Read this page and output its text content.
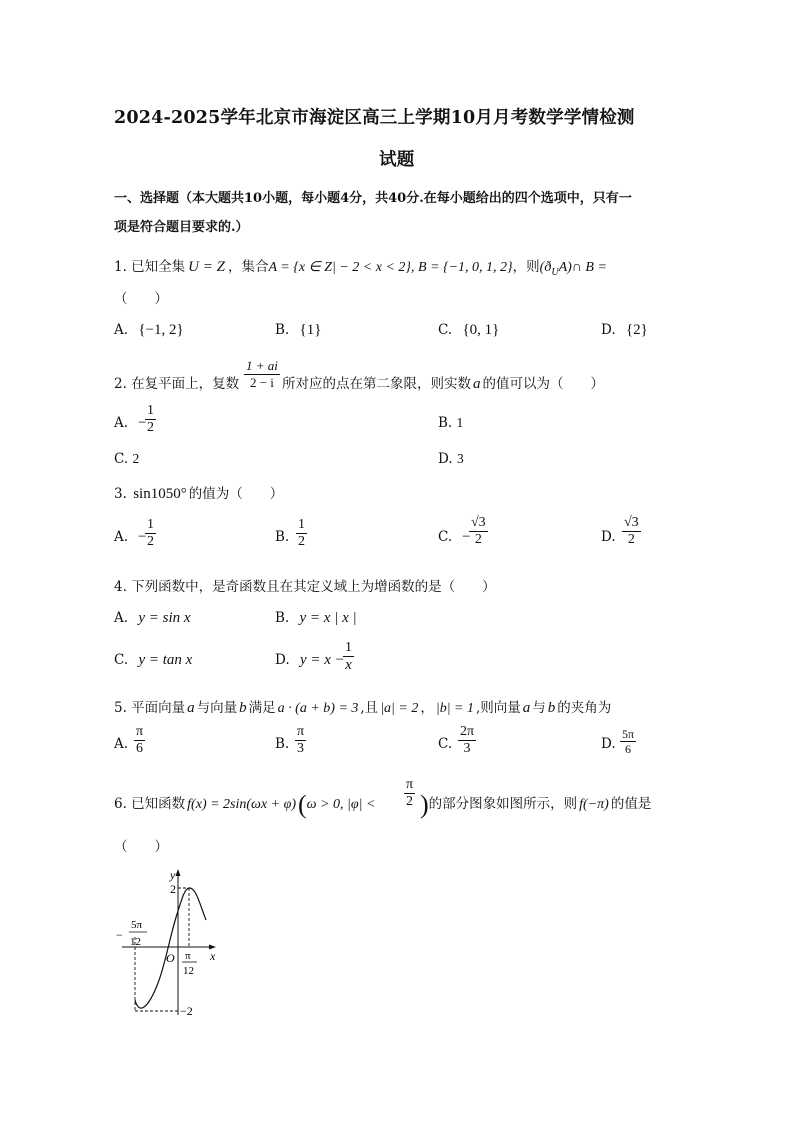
2024-2025学年北京市海淀区高三上学期10月月考数学学情检测
试题
一、选择题（本大题共10小题，每小题4分，共40分.在每小题给出的四个选项中，只有一
项是符合题目要求的.）
1. 已知全集 U = Z ，集合A = {x ∈ Z| − 2 < x < 2}, B = {−1, 0, 1, 2}，则$(ð_UA)\cap$ B =
（　　）
A. {−1, 2}	B. {1}	C. {0, 1}	D. {2}
2. 在复平面上，复数 $\frac{1 + ai}{2 - i}$ 所对应的点在第二象限，则实数 a 的值可以为（　　）
A. −
$\frac{1}{2}$	B. 1
C. 2	D. 3
3. sin1050° 的值为（　　）
A. −
$\frac{1}{2}$	B. $\frac{1}{2}$	C. −
$\frac{√3}{2}$	D. $\frac{√3}{2}$
4. 下列函数中，是奇函数且在其定义域上为增函数的是（　　）
A. y = sin x	B. y = x | x |
C. y = tan x	D. y = x −
$\frac{1}{x}$
5. 平面向量 a 与向量 b 满足 a · (a + b) = 3 ,且 |a| = 2 ， |b| = 1 ,则向量 a 与 b 的夹角为
A. $\frac{\pi}{6}$	B. $\frac{\pi}{3}$	C. $\frac{2\pi}{3}$	D. $\frac{5\pi}{6}$
6. 已知函数 f(x) = 2sin(ωx + φ)(ω > 0, $|\varphi| < \frac{\pi}{2}$ )的部分图象如图所示，则 f(−π) 的值是
（　　）
y
x
O
2
−2
−
5π
12
π
12
